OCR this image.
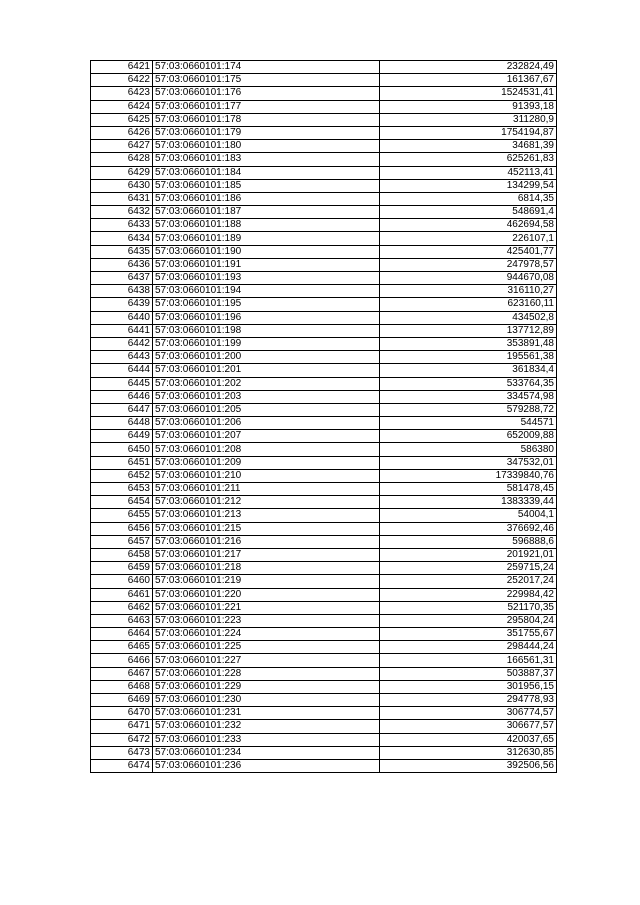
6421	57:03:0660101:174	232824,49
6422	57:03:0660101:175	161367,67
6423	57:03:0660101:176	1524531,41
6424	57:03:0660101:177	91393,18
6425	57:03:0660101:178	311280,9
6426	57:03:0660101:179	1754194,87
6427	57:03:0660101:180	34681,39
6428	57:03:0660101:183	625261,83
6429	57:03:0660101:184	452113,41
6430	57:03:0660101:185	134299,54
6431	57:03:0660101:186	6814,35
6432	57:03:0660101:187	548691,4
6433	57:03:0660101:188	462694,58
6434	57:03:0660101:189	226107,1
6435	57:03:0660101:190	425401,77
6436	57:03:0660101:191	247978,57
6437	57:03:0660101:193	944670,08
6438	57:03:0660101:194	316110,27
6439	57:03:0660101:195	623160,11
6440	57:03:0660101:196	434502,8
6441	57:03:0660101:198	137712,89
6442	57:03:0660101:199	353891,48
6443	57:03:0660101:200	195561,38
6444	57:03:0660101:201	361834,4
6445	57:03:0660101:202	533764,35
6446	57:03:0660101:203	334574,98
6447	57:03:0660101:205	579288,72
6448	57:03:0660101:206	544571
6449	57:03:0660101:207	652009,88
6450	57:03:0660101:208	586380
6451	57:03:0660101:209	347532,01
6452	57:03:0660101:210	17339840,76
6453	57:03:0660101:211	581478,45
6454	57:03:0660101:212	1383339,44
6455	57:03:0660101:213	54004,1
6456	57:03:0660101:215	376692,46
6457	57:03:0660101:216	596888,6
6458	57:03:0660101:217	201921,01
6459	57:03:0660101:218	259715,24
6460	57:03:0660101:219	252017,24
6461	57:03:0660101:220	229984,42
6462	57:03:0660101:221	521170,35
6463	57:03:0660101:223	295804,24
6464	57:03:0660101:224	351755,67
6465	57:03:0660101:225	298444,24
6466	57:03:0660101:227	166561,31
6467	57:03:0660101:228	503887,37
6468	57:03:0660101:229	301956,15
6469	57:03:0660101:230	294778,93
6470	57:03:0660101:231	306774,57
6471	57:03:0660101:232	306677,57
6472	57:03:0660101:233	420037,65
6473	57:03:0660101:234	312630,85
6474	57:03:0660101:236	392506,56
